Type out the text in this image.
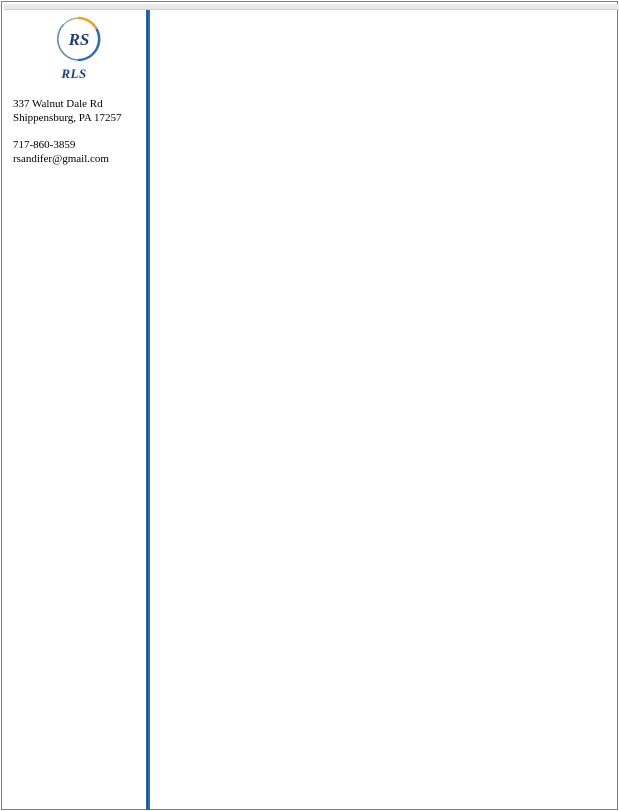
RS
RLS
337 Walnut Dale Rd
Shippensburg, PA 17257
717-860-3859
rsandifer@gmail.com
